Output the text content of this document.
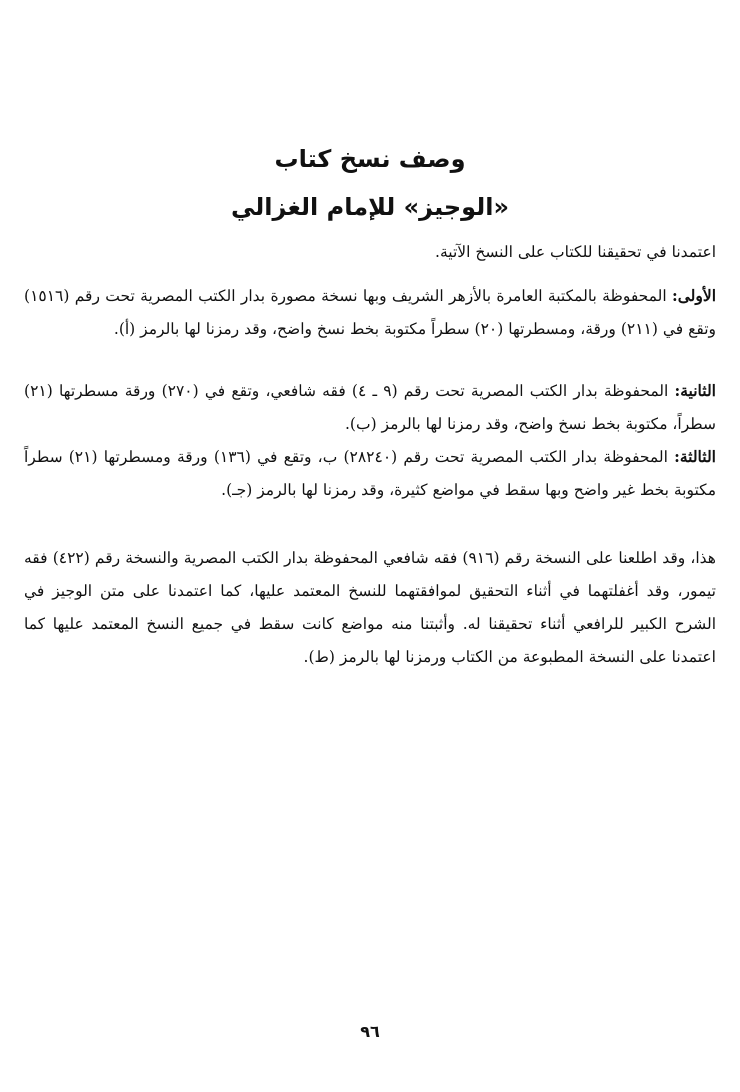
وصف نسخ كتاب
«الوجيز» للإمام الغزالي

اعتمدنا في تحقيقنا للكتاب على النسخ الآتية.

الأولى: المحفوظة بالمكتبة العامرة بالأزهر الشريف وبها نسخة مصورة بدار الكتب المصرية تحت رقم (١٥١٦) وتقع في (٢١١) ورقة، ومسطرتها (٢٠) سطراً مكتوبة بخط نسخ واضح، وقد رمزنا لها بالرمز (أ).

الثانية: المحفوظة بدار الكتب المصرية تحت رقم (٩ ـ ٤) فقه شافعي، وتقع في (٢٧٠) ورقة مسطرتها (٢١) سطراً، مكتوبة بخط نسخ واضح، وقد رمزنا لها بالرمز (ب).

الثالثة: المحفوظة بدار الكتب المصرية تحت رقم (٢٨٢٤٠) ب، وتقع في (١٣٦) ورقة ومسطرتها (٢١) سطراً مكتوبة بخط غير واضح وبها سقط في مواضع كثيرة، وقد رمزنا لها بالرمز (جـ).

هذا، وقد اطلعنا على النسخة رقم (٩١٦) فقه شافعي المحفوظة بدار الكتب المصرية والنسخة رقم (٤٢٢) فقه تيمور، وقد أغفلتهما في أثناء التحقيق لموافقتهما للنسخ المعتمد عليها، كما اعتمدنا على متن الوجيز في الشرح الكبير للرافعي أثناء تحقيقنا له. وأثبتنا منه مواضع كانت سقط في جميع النسخ المعتمد عليها كما اعتمدنا على النسخة المطبوعة من الكتاب ورمزنا لها بالرمز (ط).

٩٦
